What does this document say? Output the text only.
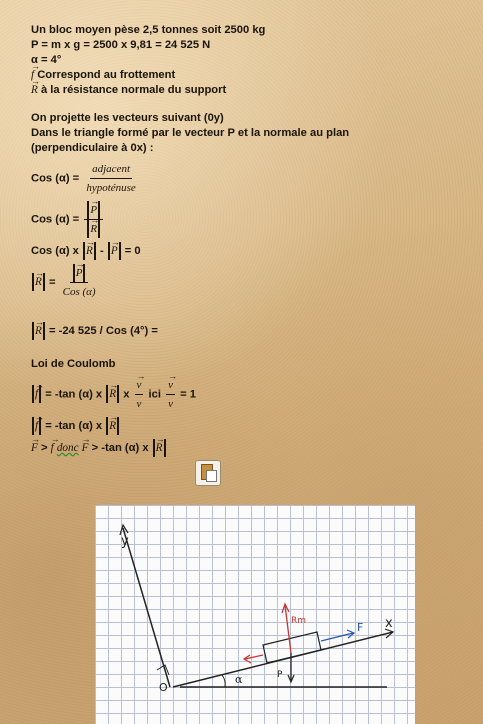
Un bloc moyen pèse 2,5 tonnes soit 2500 kg
P = m x g = 2500 x 9,81 = 24 525 N
α = 4°
→ f Correspond au frottement
→ R à la résistance normale du support
On projette les vecteurs suivant (0y)
Dans le triangle formé par le vecteur P et la normale au plan
(perpendiculaire à 0x) :
Cos $(\alpha) = \frac{\text{adjacent}}{\text{hypoténuse}}$
Cos (α) = → P
→ R
Cos (α) x → R - → P = 0
→ R = → $\frac{P}{\text{Cos (α)}}$
→ R = -24 525 / Cos (4°) =
Loi de Coulomb
→ f = -tan (α) x → R $x \to \frac{v}{v}$ ici → $\frac{v}{v} = 1$
→ f = -tan (α) x → R
→ F > → f donc → F > -tan (α) x → R
y
x
O
α	P
Rm	F
